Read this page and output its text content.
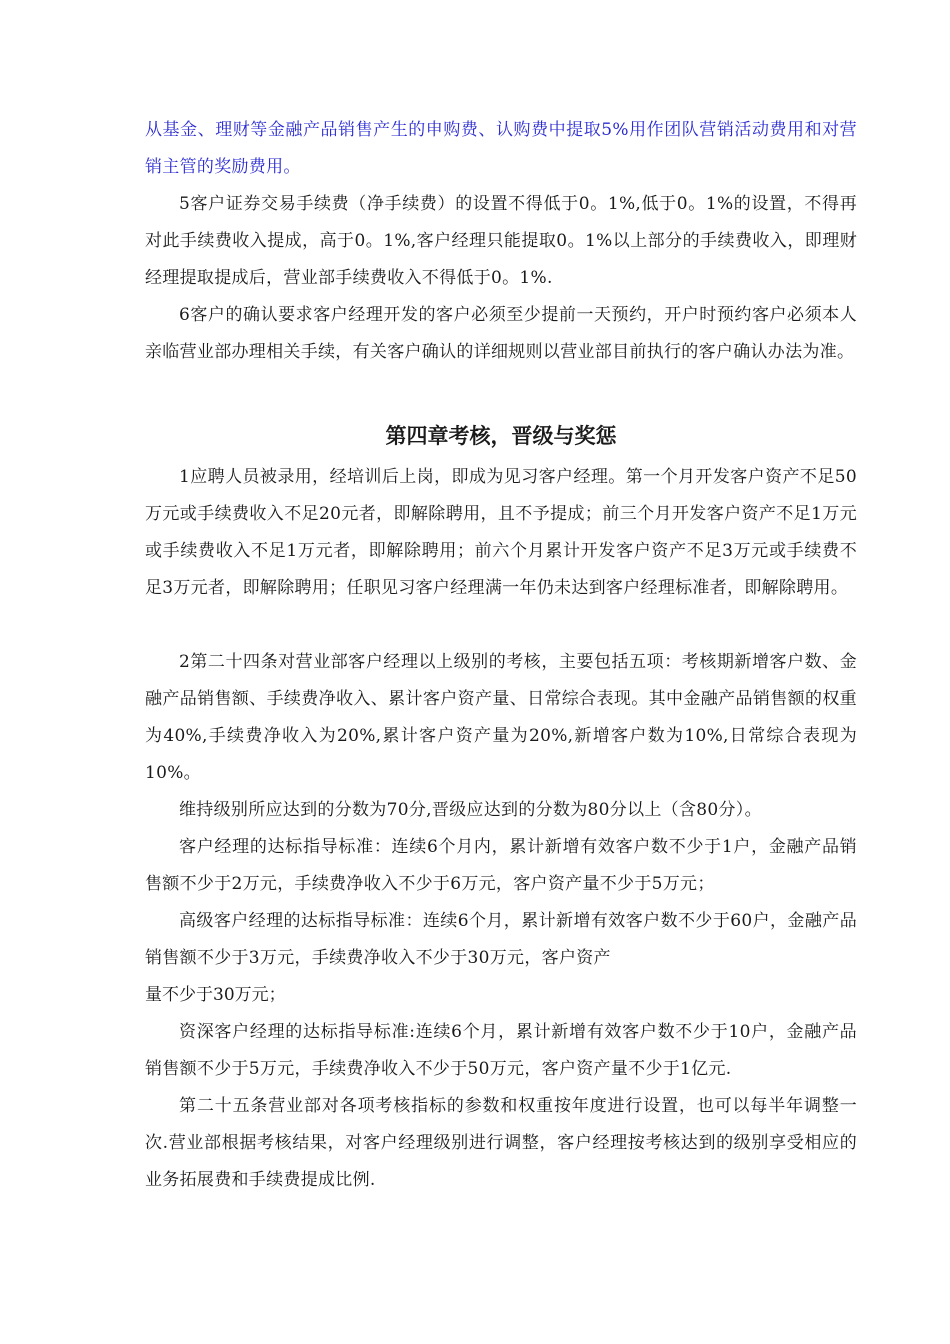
从基金、理财等金融产品销售产生的申购费、认购费中提取5%用作团队营销活动费用和对营销主管的奖励费用。

5客户证券交易手续费（净手续费）的设置不得低于0。1%,低于0。1%的设置，不得再对此手续费收入提成，高于0。1%,客户经理只能提取0。1%以上部分的手续费收入，即理财经理提取提成后，营业部手续费收入不得低于0。1%.

6客户的确认要求客户经理开发的客户必须至少提前一天预约，开户时预约客户必须本人亲临营业部办理相关手续，有关客户确认的详细规则以营业部目前执行的客户确认办法为准。

第四章考核，晋级与奖惩

1应聘人员被录用，经培训后上岗，即成为见习客户经理。第一个月开发客户资产不足50万元或手续费收入不足20元者，即解除聘用，且不予提成；前三个月开发客户资产不足1万元或手续费收入不足1万元者，即解除聘用；前六个月累计开发客户资产不足3万元或手续费不足3万元者，即解除聘用；任职见习客户经理满一年仍未达到客户经理标准者，即解除聘用。

2第二十四条对营业部客户经理以上级别的考核，主要包括五项：考核期新增客户数、金融产品销售额、手续费净收入、累计客户资产量、日常综合表现。其中金融产品销售额的权重为40%,手续费净收入为20%,累计客户资产量为20%,新增客户数为10%,日常综合表现为10%。

维持级别所应达到的分数为70分,晋级应达到的分数为80分以上（含80分）。

客户经理的达标指导标准：连续6个月内，累计新增有效客户数不少于1户，金融产品销售额不少于2万元，手续费净收入不少于6万元，客户资产量不少于5万元；

高级客户经理的达标指导标准：连续6个月，累计新增有效客户数不少于60户，金融产品销售额不少于3万元，手续费净收入不少于30万元，客户资产

量不少于30万元；

资深客户经理的达标指导标准:连续6个月，累计新增有效客户数不少于10户，金融产品销售额不少于5万元，手续费净收入不少于50万元，客户资产量不少于1亿元.

第二十五条营业部对各项考核指标的参数和权重按年度进行设置，也可以每半年调整一次.营业部根据考核结果，对客户经理级别进行调整，客户经理按考核达到的级别享受相应的业务拓展费和手续费提成比例.
